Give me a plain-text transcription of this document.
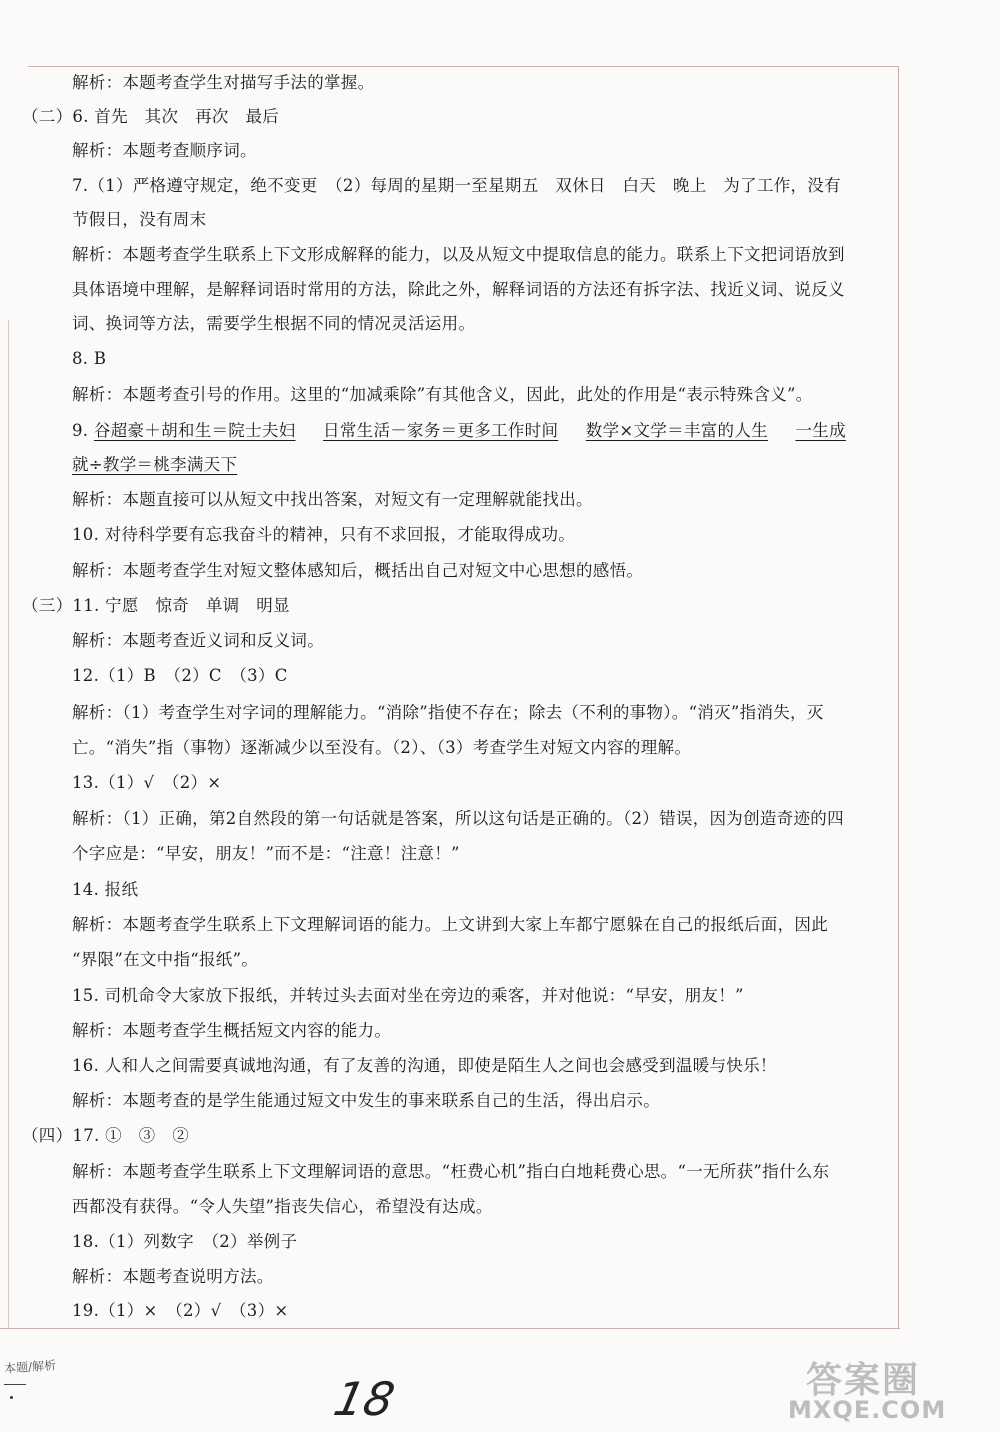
解析：本题考查学生对描写手法的掌握。
（二）6. 首先　其次　再次　最后
解析：本题考查顺序词。
7.（1）严格遵守规定，绝不变更　（2）每周的星期一至星期五　双休日　白天　晚上　为了工作，没有
节假日，没有周末
解析：本题考查学生联系上下文形成解释的能力，以及从短文中提取信息的能力。联系上下文把词语放到
具体语境中理解，是解释词语时常用的方法，除此之外，解释词语的方法还有拆字法、找近义词、说反义
词、换词等方法，需要学生根据不同的情况灵活运用。
8. B
解析：本题考查引号的作用。这里的“加减乘除”有其他含义，因此，此处的作用是“表示特殊含义”。
9. 谷超豪＋胡和生＝院士夫妇 日常生活－家务＝更多工作时间 数学×文学＝丰富的人生 一生成
就÷教学＝桃李满天下
解析：本题直接可以从短文中找出答案，对短文有一定理解就能找出。
10. 对待科学要有忘我奋斗的精神，只有不求回报，才能取得成功。
解析：本题考查学生对短文整体感知后，概括出自己对短文中心思想的感悟。
（三）11. 宁愿　惊奇　单调　明显
解析：本题考查近义词和反义词。
12.（1）B　（2）C　（3）C
解析：（1）考查学生对字词的理解能力。“消除”指使不存在；除去（不利的事物）。“消灭”指消失，灭
亡。“消失”指（事物）逐渐减少以至没有。（2）、（3）考查学生对短文内容的理解。
13.（1）√　（2）×
解析：（1）正确，第2自然段的第一句话就是答案，所以这句话是正确的。（2）错误，因为创造奇迹的四
个字应是：“早安，朋友！”而不是：“注意！注意！”
14. 报纸
解析：本题考查学生联系上下文理解词语的能力。上文讲到大家上车都宁愿躲在自己的报纸后面，因此
“界限”在文中指“报纸”。
15. 司机命令大家放下报纸，并转过头去面对坐在旁边的乘客，并对他说：“早安，朋友！”
解析：本题考查学生概括短文内容的能力。
16. 人和人之间需要真诚地沟通，有了友善的沟通，即使是陌生人之间也会感受到温暖与快乐！
解析：本题考查的是学生能通过短文中发生的事来联系自己的生活，得出启示。
（四）17. ①　③　②
解析：本题考查学生联系上下文理解词语的意思。“枉费心机”指白白地耗费心思。“一无所获”指什么东
西都没有获得。“令人失望”指丧失信心，希望没有达成。
18.（1）列数字　（2）举例子
解析：本题考查说明方法。
19.（1）×　（2）√　（3）×
本题/解析
18	答案圈
MXQE.COM
